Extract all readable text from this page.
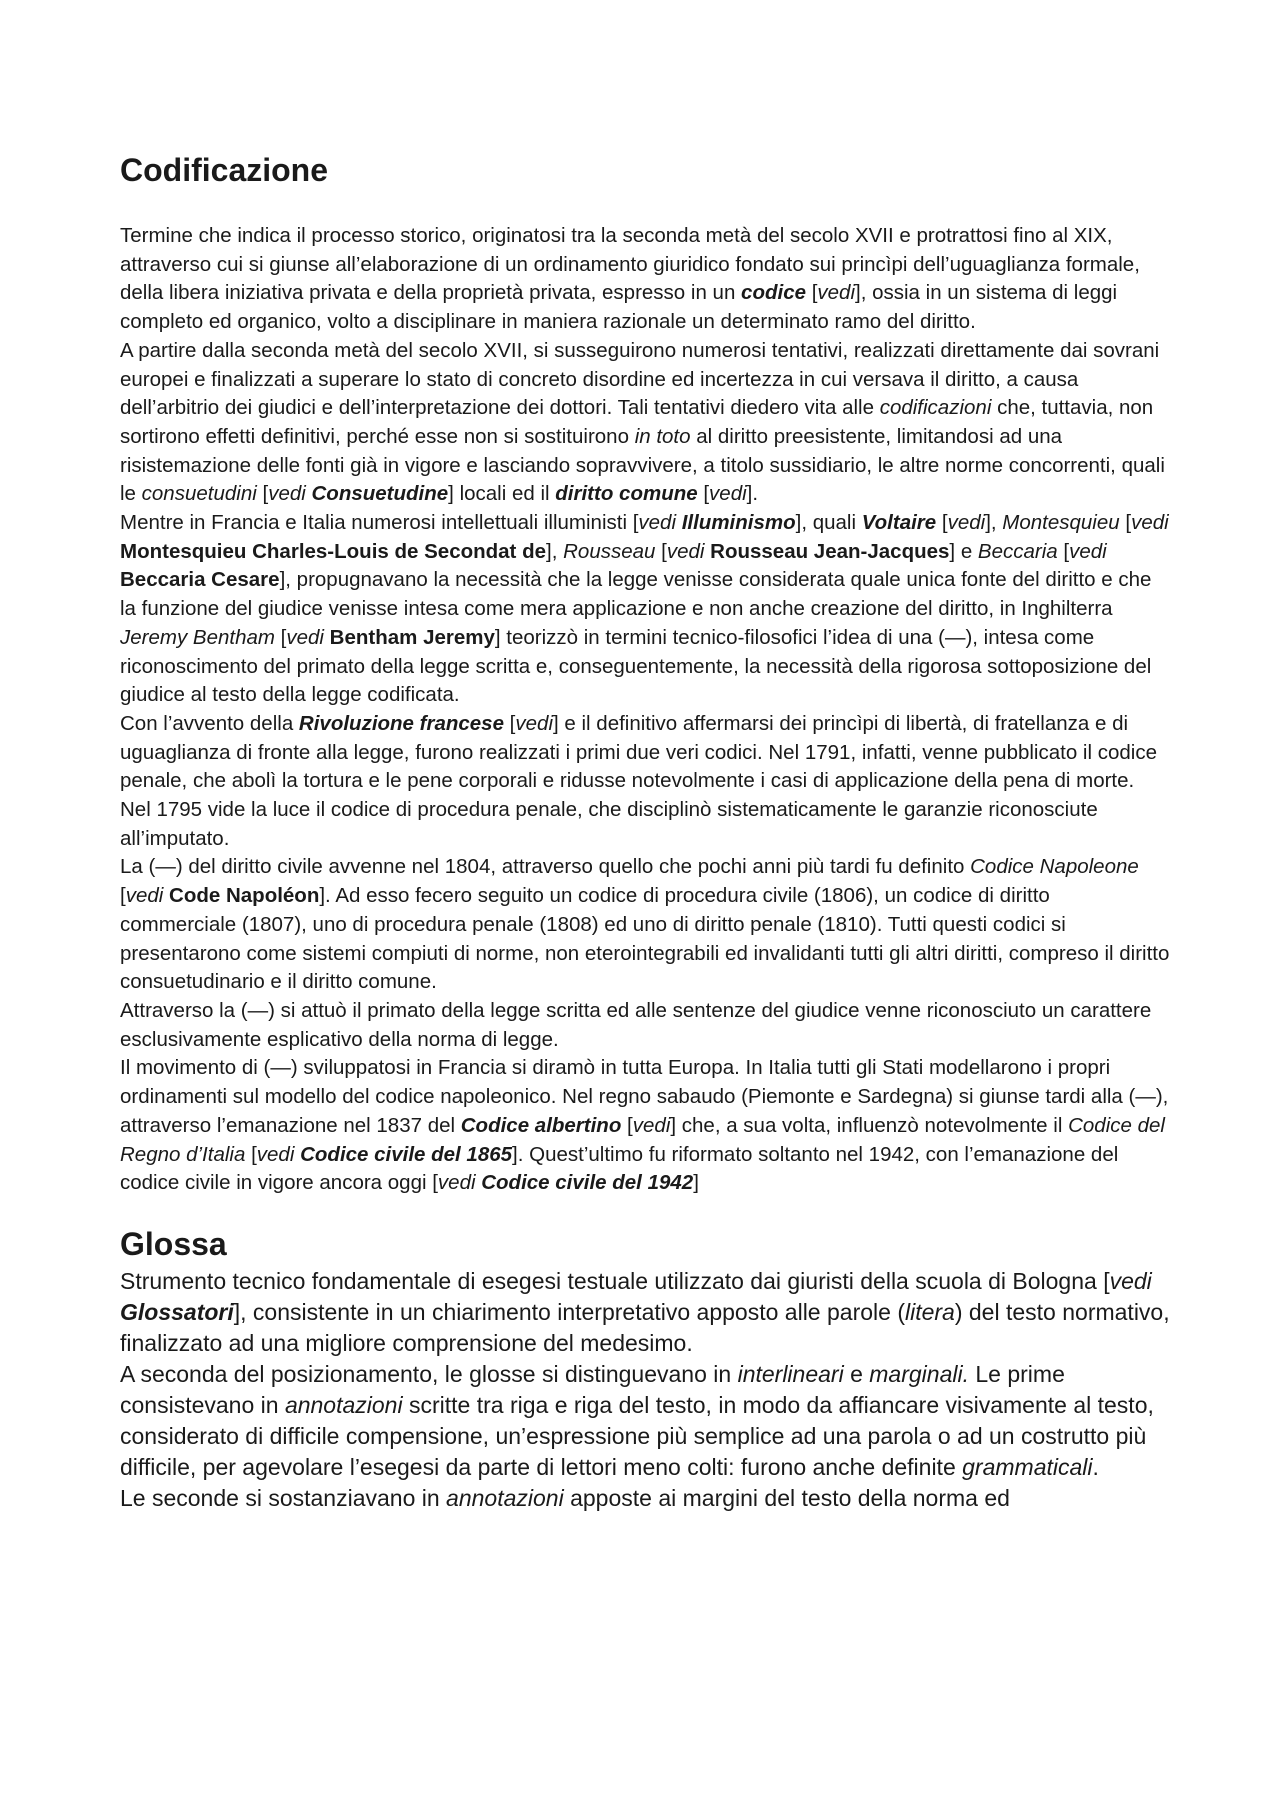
Codificazione

Termine che indica il processo storico, originatosi tra la seconda metà del secolo XVII e protrattosi fino al XIX, attraverso cui si giunse all’elaborazione di un ordinamento giuridico fondato sui princìpi dell’uguaglianza formale, della libera iniziativa privata e della proprietà privata, espresso in un codice [vedi], ossia in un sistema di leggi completo ed organico, volto a disciplinare in maniera razionale un determinato ramo del diritto.

A partire dalla seconda metà del secolo XVII, si susseguirono numerosi tentativi, realizzati direttamente dai sovrani europei e finalizzati a superare lo stato di concreto disordine ed incertezza in cui versava il diritto, a causa dell’arbitrio dei giudici e dell’interpretazione dei dottori. Tali tentativi diedero vita alle codificazioni che, tuttavia, non sortirono effetti definitivi, perché esse non si sostituirono in toto al diritto preesistente, limitandosi ad una risistemazione delle fonti già in vigore e lasciando sopravvivere, a titolo sussidiario, le altre norme concorrenti, quali le consuetudini [vedi Consuetudine] locali ed il diritto comune [vedi].

Mentre in Francia e Italia numerosi intellettuali illuministi [vedi Illuminismo], quali Voltaire [vedi], Montesquieu [vedi Montesquieu Charles-Louis de Secondat de], Rousseau [vedi Rousseau Jean-Jacques] e Beccaria [vedi Beccaria Cesare], propugnavano la necessità che la legge venisse considerata quale unica fonte del diritto e che la funzione del giudice venisse intesa come mera applicazione e non anche creazione del diritto, in Inghilterra Jeremy Bentham [vedi Bentham Jeremy] teorizzò in termini tecnico-filosofici l’idea di una (—), intesa come riconoscimento del primato della legge scritta e, conseguentemente, la necessità della rigorosa sottoposizione del giudice al testo della legge codificata.

Con l’avvento della Rivoluzione francese [vedi] e il definitivo affermarsi dei princìpi di libertà, di fratellanza e di uguaglianza di fronte alla legge, furono realizzati i primi due veri codici. Nel 1791, infatti, venne pubblicato il codice penale, che abolì la tortura e le pene corporali e ridusse notevolmente i casi di applicazione della pena di morte. Nel 1795 vide la luce il codice di procedura penale, che disciplinò sistematicamente le garanzie riconosciute all’imputato.

La (—) del diritto civile avvenne nel 1804, attraverso quello che pochi anni più tardi fu definito Codice Napoleone [vedi Code Napoléon]. Ad esso fecero seguito un codice di procedura civile (1806), un codice di diritto commerciale (1807), uno di procedura penale (1808) ed uno di diritto penale (1810). Tutti questi codici si presentarono come sistemi compiuti di norme, non eterointegrabili ed invalidanti tutti gli altri diritti, compreso il diritto consuetudinario e il diritto comune.

Attraverso la (—) si attuò il primato della legge scritta ed alle sentenze del giudice venne riconosciuto un carattere esclusivamente esplicativo della norma di legge.

Il movimento di (—) sviluppatosi in Francia si diramò in tutta Europa. In Italia tutti gli Stati modellarono i propri ordinamenti sul modello del codice napoleonico. Nel regno sabaudo (Piemonte e Sardegna) si giunse tardi alla (—), attraverso l’emanazione nel 1837 del Codice albertino [vedi] che, a sua volta, influenzò notevolmente il Codice del Regno d’Italia [vedi Codice civile del 1865]. Quest’ultimo fu riformato soltanto nel 1942, con l’emanazione del codice civile in vigore ancora oggi [vedi Codice civile del 1942]

Glossa

Strumento tecnico fondamentale di esegesi testuale utilizzato dai giuristi della scuola di Bologna [vedi Glossatori], consistente in un chiarimento interpretativo apposto alle parole (litera) del testo normativo, finalizzato ad una migliore comprensione del medesimo.

A seconda del posizionamento, le glosse si distinguevano in interlineari e marginali. Le prime consistevano in annotazioni scritte tra riga e riga del testo, in modo da affiancare visivamente al testo, considerato di difficile compensione, un’espressione più semplice ad una parola o ad un costrutto più difficile, per agevolare l’esegesi da parte di lettori meno colti: furono anche definite grammaticali.

Le seconde si sostanziavano in annotazioni apposte ai margini del testo della norma ed
